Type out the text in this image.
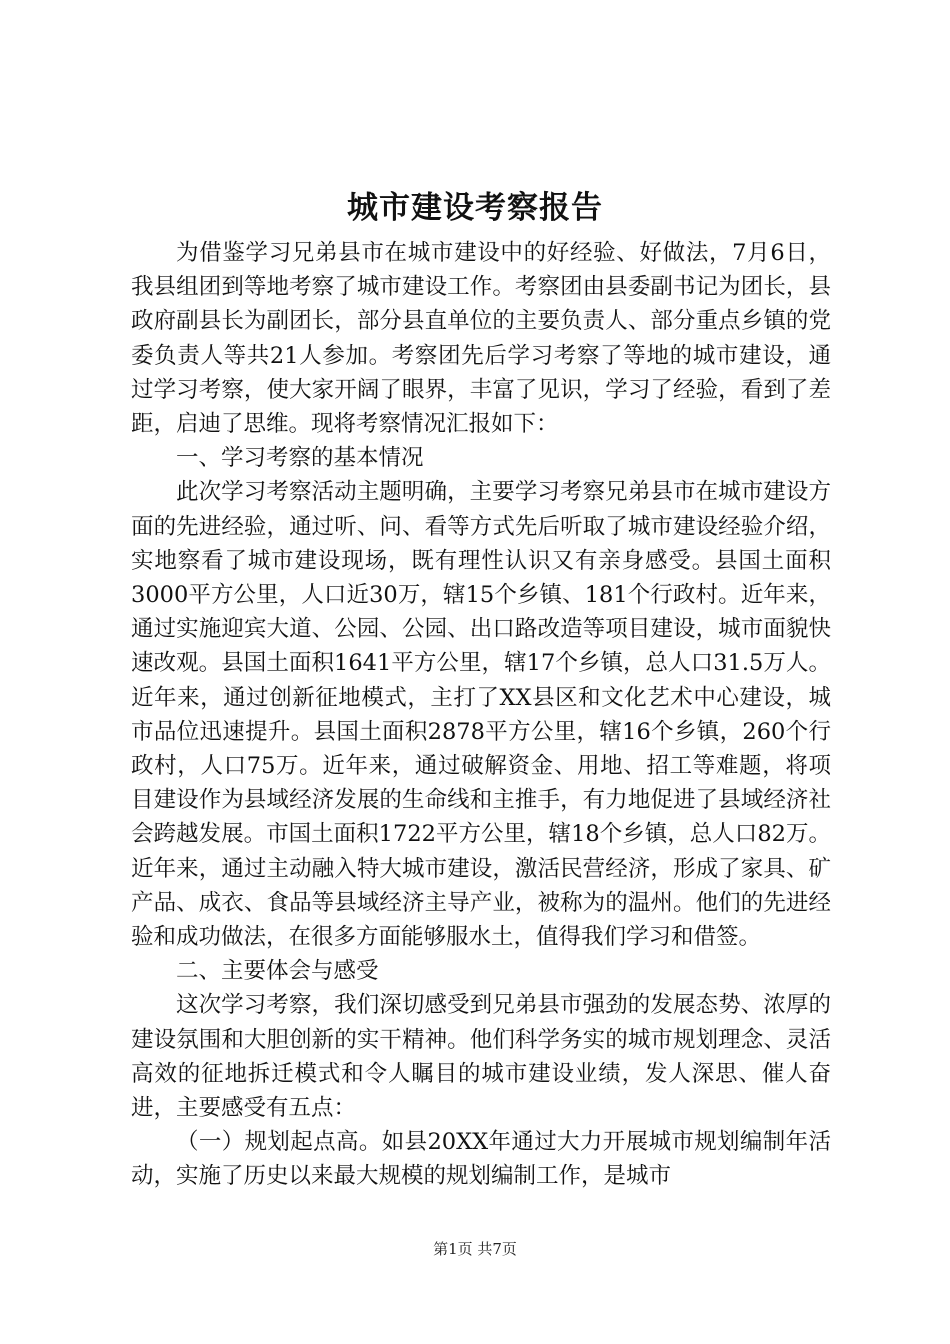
城市建设考察报告

为借鉴学习兄弟县市在城市建设中的好经验、好做法，7月6日，我县组团到等地考察了城市建设工作。考察团由县委副书记为团长，县政府副县长为副团长，部分县直单位的主要负责人、部分重点乡镇的党委负责人等共21人参加。考察团先后学习考察了等地的城市建设，通过学习考察，使大家开阔了眼界，丰富了见识，学习了经验，看到了差距，启迪了思维。现将考察情况汇报如下：

一、学习考察的基本情况

此次学习考察活动主题明确，主要学习考察兄弟县市在城市建设方面的先进经验，通过听、问、看等方式先后听取了城市建设经验介绍，实地察看了城市建设现场，既有理性认识又有亲身感受。县国土面积3000平方公里，人口近30万，辖15个乡镇、181个行政村。近年来，通过实施迎宾大道、公园、公园、出口路改造等项目建设，城市面貌快速改观。县国土面积1641平方公里，辖17个乡镇，总人口31.5万人。近年来，通过创新征地模式，主打了XX县区和文化艺术中心建设，城市品位迅速提升。县国土面积2878平方公里，辖16个乡镇，260个行政村，人口75万。近年来，通过破解资金、用地、招工等难题，将项目建设作为县域经济发展的生命线和主推手，有力地促进了县域经济社会跨越发展。市国土面积1722平方公里，辖18个乡镇，总人口82万。近年来，通过主动融入特大城市建设，激活民营经济，形成了家具、矿产品、成衣、食品等县域经济主导产业，被称为的温州。他们的先进经验和成功做法，在很多方面能够服水土，值得我们学习和借签。

二、主要体会与感受

这次学习考察，我们深切感受到兄弟县市强劲的发展态势、浓厚的建设氛围和大胆创新的实干精神。他们科学务实的城市规划理念、灵活高效的征地拆迁模式和令人瞩目的城市建设业绩，发人深思、催人奋进，主要感受有五点：

（一）规划起点高。如县20XX年通过大力开展城市规划编制年活动，实施了历史以来最大规模的规划编制工作，是城市

第1页 共7页
